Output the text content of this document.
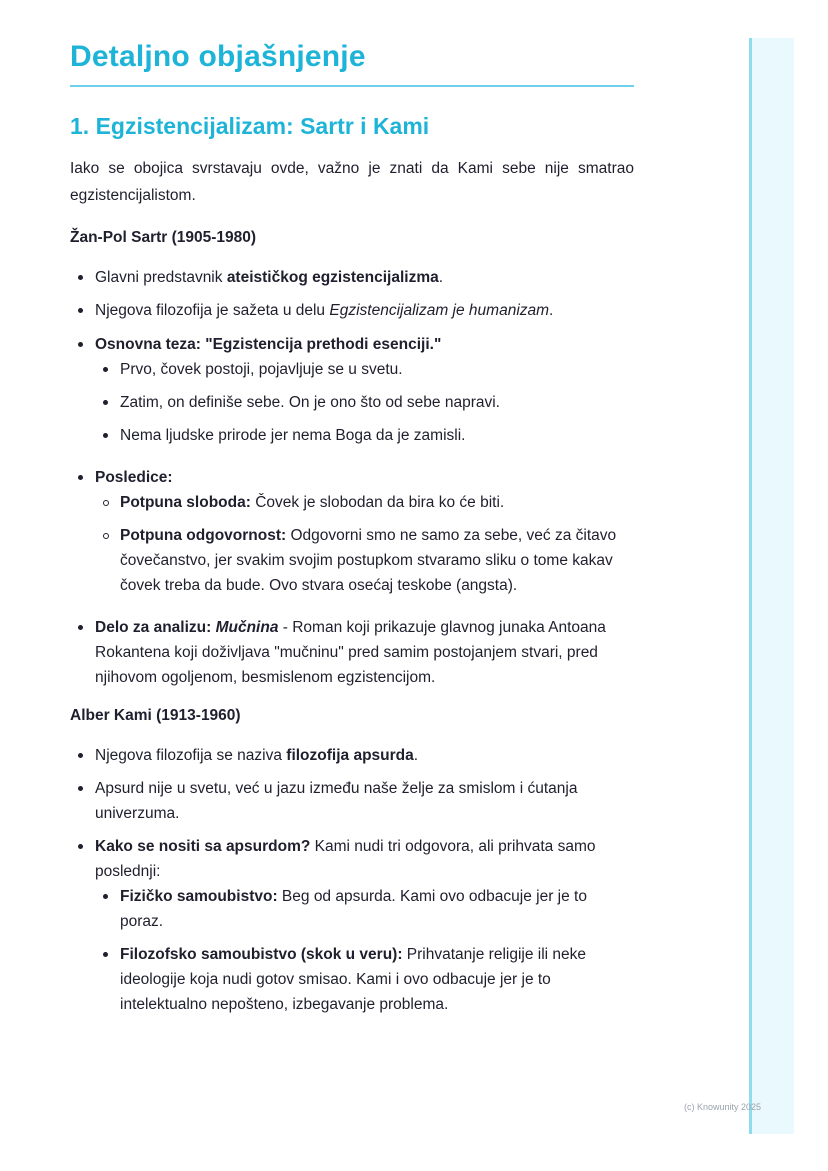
Detaljno objašnjenje
1. Egzistencijalizam: Sartr i Kami

Iako se obojica svrstavaju ovde, važno je znati da Kami sebe nije smatrao egzistencijalistom.

Žan-Pol Sartr (1905-1980)

Glavni predstavnik ateističkog egzistencijalizma.
Njegova filozofija je sažeta u delu Egzistencijalizam je humanizam.
Osnovna teza: "Egzistencija prethodi esenciji."
Prvo, čovek postoji, pojavljuje se u svetu.
Zatim, on definiše sebe. On je ono što od sebe napravi.
Nema ljudske prirode jer nema Boga da je zamisli.
Posledice:
Potpuna sloboda: Čovek je slobodan da bira ko će biti.
Potpuna odgovornost: Odgovorni smo ne samo za sebe, već za čitavo čovečanstvo, jer svakim svojim postupkom stvaramo sliku o tome kakav čovek treba da bude. Ovo stvara osećaj teskobe (angsta).
Delo za analizu: Mučnina - Roman koji prikazuje glavnog junaka Antoana Rokantena koji doživljava "mučninu" pred samim postojanjem stvari, pred njihovom ogoljenom, besmislenom egzistencijom.

Alber Kami (1913-1960)

Njegova filozofija se naziva filozofija apsurda.
Apsurd nije u svetu, već u jazu između naše želje za smislom i ćutanja univerzuma.
Kako se nositi sa apsurdom? Kami nudi tri odgovora, ali prihvata samo poslednji:
Fizičko samoubistvo: Beg od apsurda. Kami ovo odbacuje jer je to poraz.
Filozofsko samoubistvo (skok u veru): Prihvatanje religije ili neke ideologije koja nudi gotov smisao. Kami i ovo odbacuje jer je to intelektualno nepošteno, izbegavanje problema.
(c) Knowunity 2025
